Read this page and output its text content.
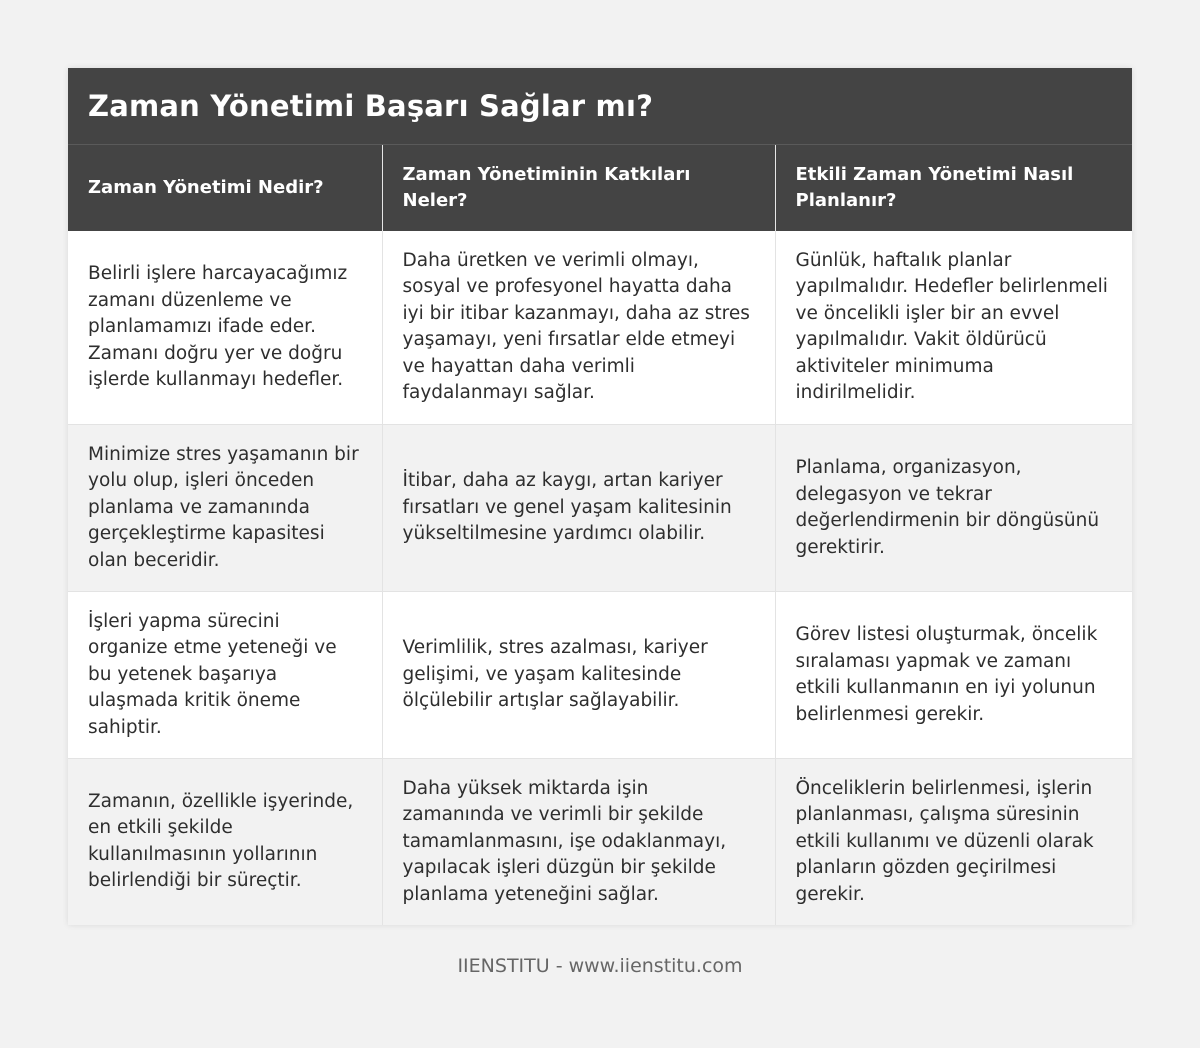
Zaman Yönetimi Başarı Sağlar mı?
Zaman Yönetimi Nedir?	Zaman Yönetiminin Katkıları Neler?	Etkili Zaman Yönetimi Nasıl Planlanır?
Belirli işlere harcayacağımız zamanı düzenleme ve planlamamızı ifade eder. Zamanı doğru yer ve doğru işlerde kullanmayı hedefler.	Daha üretken ve verimli olmayı, sosyal ve profesyonel hayatta daha iyi bir itibar kazanmayı, daha az stres yaşamayı, yeni fırsatlar elde etmeyi ve hayattan daha verimli faydalanmayı sağlar.	Günlük, haftalık planlar yapılmalıdır. Hedefler belirlenmeli ve öncelikli işler bir an evvel yapılmalıdır. Vakit öldürücü aktiviteler minimuma indirilmelidir.
Minimize stres yaşamanın bir yolu olup, işleri önceden planlama ve zamanında gerçekleştirme kapasitesi olan beceridir.	İtibar, daha az kaygı, artan kariyer fırsatları ve genel yaşam kalitesinin yükseltilmesine yardımcı olabilir.	Planlama, organizasyon, delegasyon ve tekrar değerlendirmenin bir döngüsünü gerektirir.
İşleri yapma sürecini organize etme yeteneği ve bu yetenek başarıya ulaşmada kritik öneme sahiptir.	Verimlilik, stres azalması, kariyer gelişimi, ve yaşam kalitesinde ölçülebilir artışlar sağlayabilir.	Görev listesi oluşturmak, öncelik sıralaması yapmak ve zamanı etkili kullanmanın en iyi yolunun belirlenmesi gerekir.
Zamanın, özellikle işyerinde, en etkili şekilde kullanılmasının yollarının belirlendiği bir süreçtir.	Daha yüksek miktarda işin zamanında ve verimli bir şekilde tamamlanmasını, işe odaklanmayı, yapılacak işleri düzgün bir şekilde planlama yeteneğini sağlar.	Önceliklerin belirlenmesi, işlerin planlanması, çalışma süresinin etkili kullanımı ve düzenli olarak planların gözden geçirilmesi gerekir.
IIENSTITU - www.iienstitu.com
